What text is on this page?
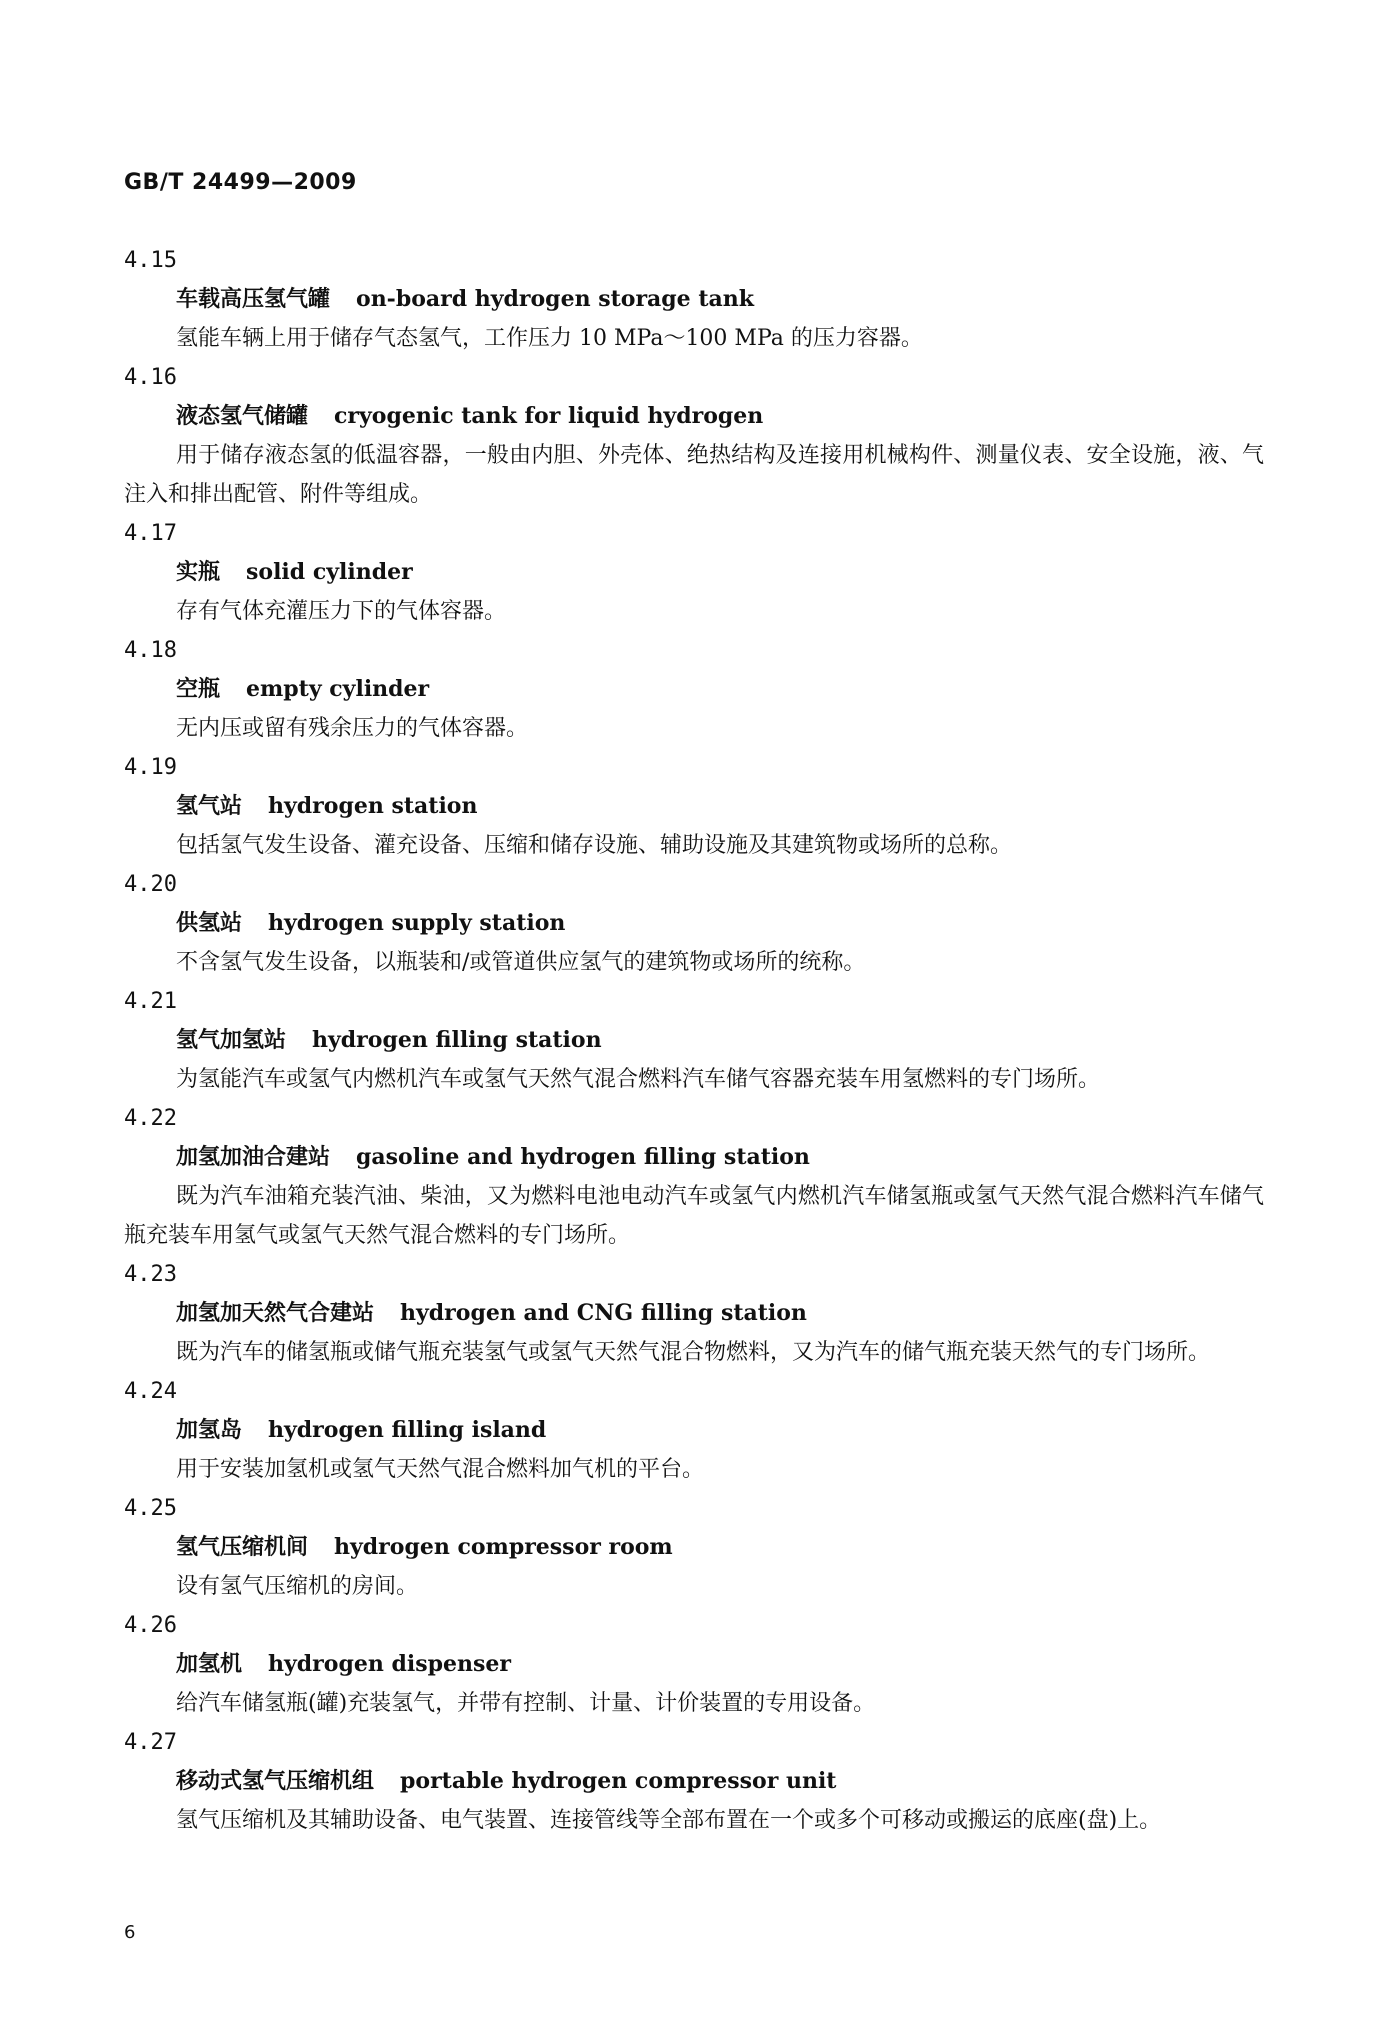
GB/T 24499—2009
4.15
车载高压氢气罐 on-board hydrogen storage tank
氢能车辆上用于储存气态氢气，工作压力 10 MPa～100 MPa 的压力容器。
4.16
液态氢气储罐 cryogenic tank for liquid hydrogen
用于储存液态氢的低温容器，一般由内胆、外壳体、绝热结构及连接用机械构件、测量仪表、安全设施，液、气注入和排出配管、附件等组成。
4.17
实瓶 solid cylinder
存有气体充灌压力下的气体容器。
4.18
空瓶 empty cylinder
无内压或留有残余压力的气体容器。
4.19
氢气站 hydrogen station
包括氢气发生设备、灌充设备、压缩和储存设施、辅助设施及其建筑物或场所的总称。
4.20
供氢站 hydrogen supply station
不含氢气发生设备，以瓶装和/或管道供应氢气的建筑物或场所的统称。
4.21
氢气加氢站 hydrogen filling station
为氢能汽车或氢气内燃机汽车或氢气天然气混合燃料汽车储气容器充装车用氢燃料的专门场所。
4.22
加氢加油合建站 gasoline and hydrogen filling station
既为汽车油箱充装汽油、柴油，又为燃料电池电动汽车或氢气内燃机汽车储氢瓶或氢气天然气混合燃料汽车储气瓶充装车用氢气或氢气天然气混合燃料的专门场所。
4.23
加氢加天然气合建站 hydrogen and CNG filling station
既为汽车的储氢瓶或储气瓶充装氢气或氢气天然气混合物燃料，又为汽车的储气瓶充装天然气的专门场所。
4.24
加氢岛 hydrogen filling island
用于安装加氢机或氢气天然气混合燃料加气机的平台。
4.25
氢气压缩机间 hydrogen compressor room
设有氢气压缩机的房间。
4.26
加氢机 hydrogen dispenser
给汽车储氢瓶(罐)充装氢气，并带有控制、计量、计价装置的专用设备。
4.27
移动式氢气压缩机组 portable hydrogen compressor unit
氢气压缩机及其辅助设备、电气装置、连接管线等全部布置在一个或多个可移动或搬运的底座(盘)上。
6
